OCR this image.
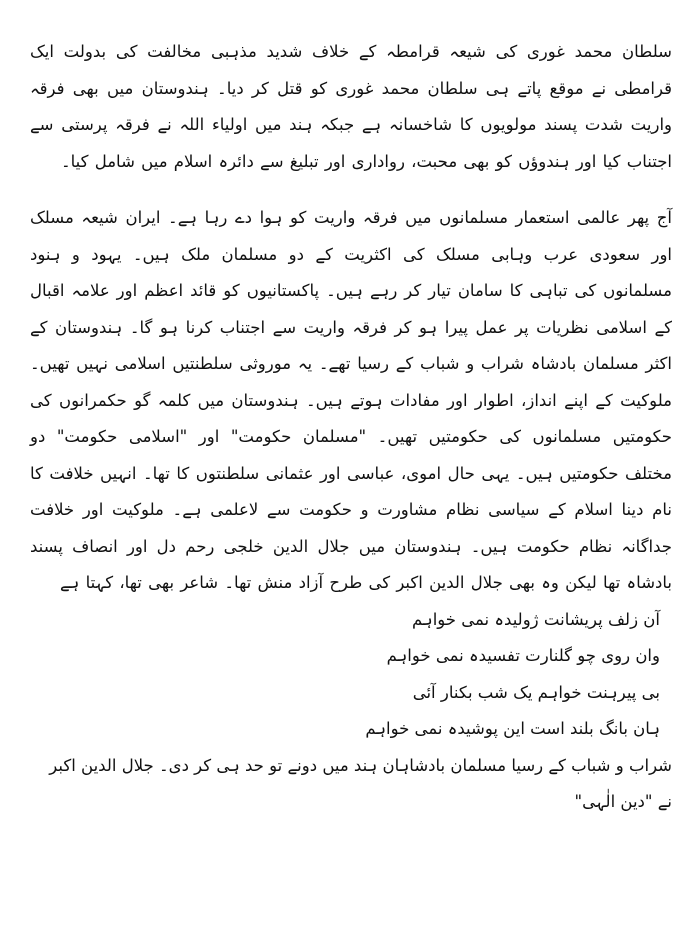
سلطان محمد غوری کی شیعہ قرامطہ کے خلاف شدید مذہبی مخالفت کی بدولت ایک قرامطی نے موقع پاتے ہی سلطان محمد غوری کو قتل کر دیا۔ ہندوستان میں بھی فرقہ واریت شدت پسند مولویوں کا شاخسانہ ہے جبکہ ہند میں اولیاء اللہ نے فرقہ پرستی سے اجتناب کیا اور ہندوؤں کو بھی محبت، رواداری اور تبلیغ سے دائرہ اسلام میں شامل کیا۔

آج پھر عالمی استعمار مسلمانوں میں فرقہ واریت کو ہوا دے رہا ہے۔ ایران شیعہ مسلک اور سعودی عرب وہابی مسلک کی اکثریت کے دو مسلمان ملک ہیں۔ یہود و ہنود مسلمانوں کی تباہی کا سامان تیار کر رہے ہیں۔ پاکستانیوں کو قائد اعظم اور علامہ اقبال کے اسلامی نظریات پر عمل پیرا ہو کر فرقہ واریت سے اجتناب کرنا ہو گا۔ ہندوستان کے اکثر مسلمان بادشاہ شراب و شباب کے رسیا تھے۔ یہ موروثی سلطنتیں اسلامی نہیں تھیں۔ ملوکیت کے اپنے انداز، اطوار اور مفادات ہوتے ہیں۔ ہندوستان میں کلمہ گو حکمرانوں کی حکومتیں مسلمانوں کی حکومتیں تھیں۔ "مسلمان حکومت" اور "اسلامی حکومت" دو مختلف حکومتیں ہیں۔ یہی حال اموی، عباسی اور عثمانی سلطنتوں کا تھا۔ انہیں خلافت کا نام دینا اسلام کے سیاسی نظام مشاورت و حکومت سے لاعلمی ہے۔ ملوکیت اور خلافت جداگانہ نظام حکومت ہیں۔ ہندوستان میں جلال الدین خلجی رحم دل اور انصاف پسند بادشاہ تھا لیکن وہ بھی جلال الدین اکبر کی طرح آزاد منش تھا۔ شاعر بھی تھا، کہتا ہے

آن زلف پریشانت ژولیدہ نمی خواہم

وان روی چو گلنارت تفسیدہ نمی خواہم

بی پیرہنت خواہم یک شب بکنار آئی

ہان بانگ بلند است این پوشیدہ نمی خواہم

شراب و شباب کے رسیا مسلمان بادشاہان ہند میں دونے تو حد ہی کر دی۔ جلال الدین اکبر نے "دین الٰہی"
